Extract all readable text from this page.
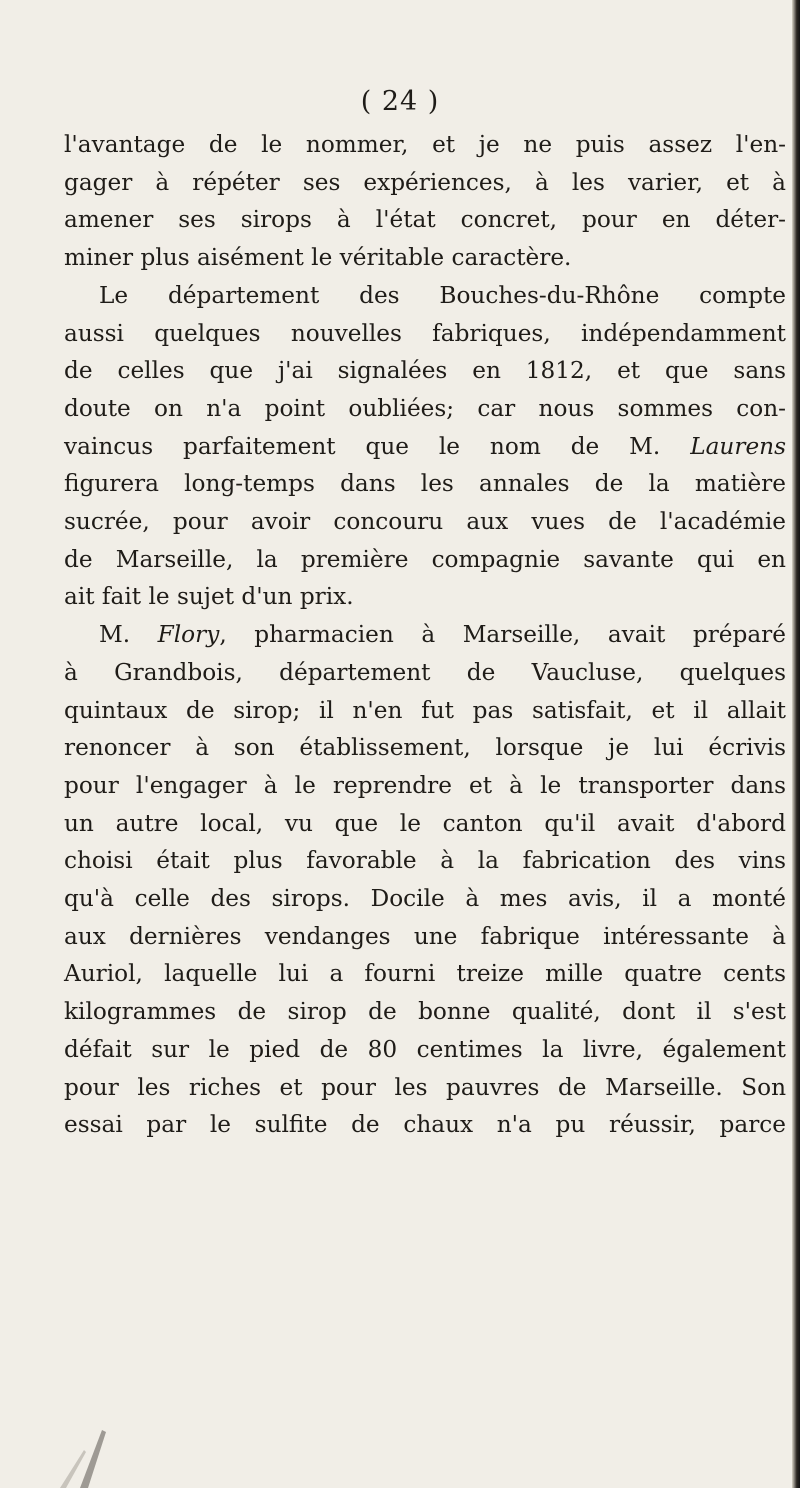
( 24 )
l'avantage de le nommer, et je ne puis assez l'en-
gager à répéter ses expériences, à les varier, et à
amener ses sirops à l'état concret, pour en déter-
miner plus aisément le véritable caractère.
Le département des Bouches-du-Rhône compte
aussi quelques nouvelles fabriques, indépendamment
de celles que j'ai signalées en 1812, et que sans
doute on n'a point oubliées; car nous sommes con-
vaincus parfaitement que le nom de M. Laurens
figurera long-temps dans les annales de la matière
sucrée, pour avoir concouru aux vues de l'académie
de Marseille, la première compagnie savante qui en
ait fait le sujet d'un prix.
M. Flory, pharmacien à Marseille, avait préparé
à Grandbois, département de Vaucluse, quelques
quintaux de sirop; il n'en fut pas satisfait, et il allait
renoncer à son établissement, lorsque je lui écrivis
pour l'engager à le reprendre et à le transporter dans
un autre local, vu que le canton qu'il avait d'abord
choisi était plus favorable à la fabrication des vins
qu'à celle des sirops. Docile à mes avis, il a monté
aux dernières vendanges une fabrique intéressante à
Auriol, laquelle lui a fourni treize mille quatre cents
kilogrammes de sirop de bonne qualité, dont il s'est
défait sur le pied de 80 centimes la livre, également
pour les riches et pour les pauvres de Marseille. Son
essai par le sulfite de chaux n'a pu réussir, parce
